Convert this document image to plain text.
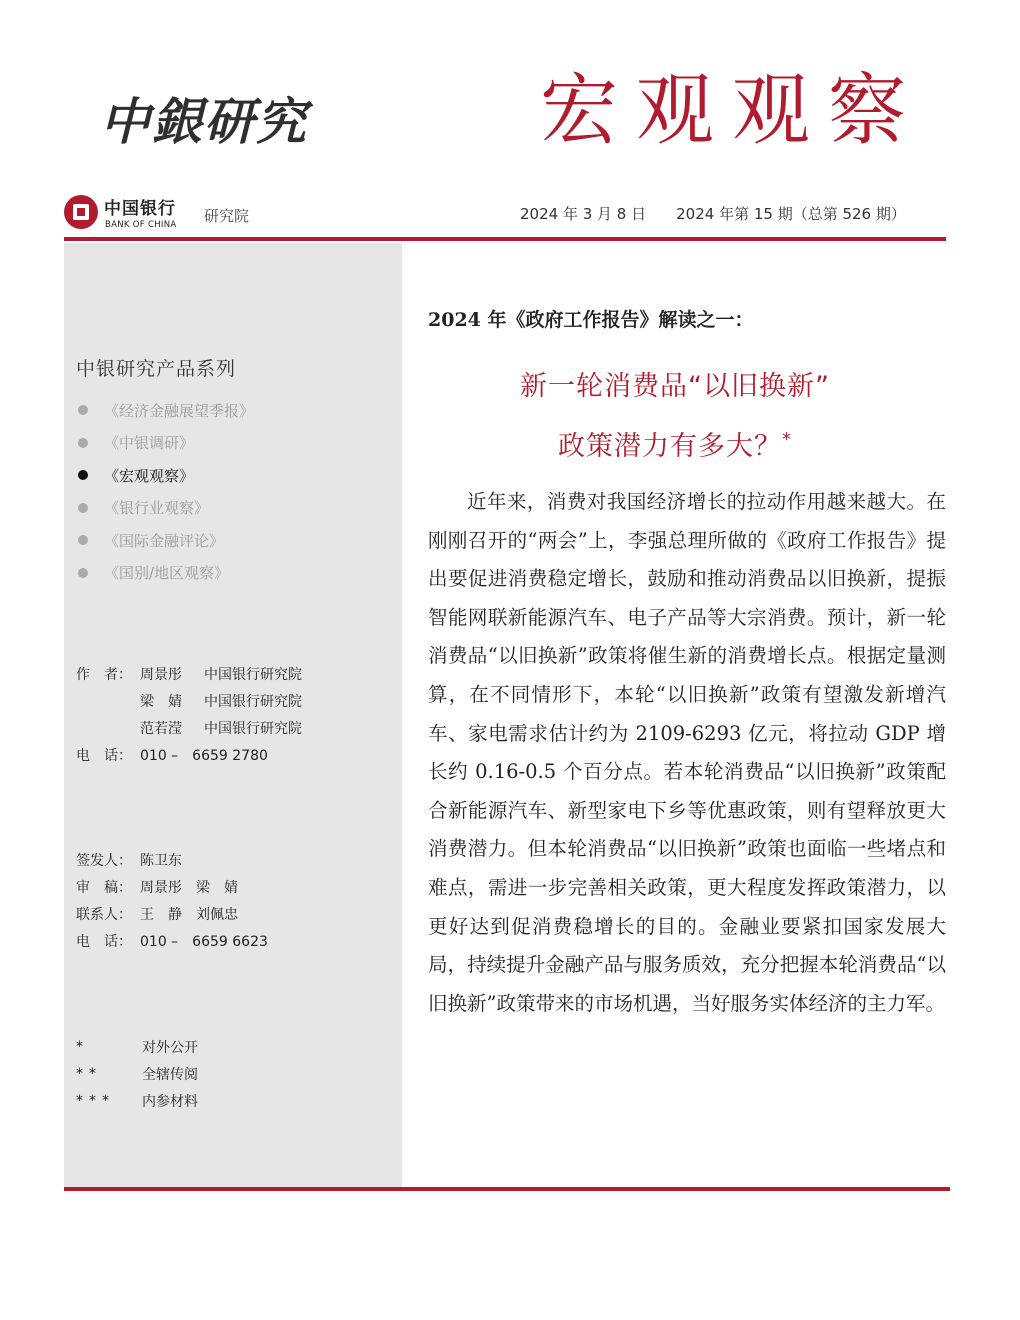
中銀研究	宏观观察
中国银行
BANK OF CHINA 研究院	2024 年 3 月 8 日　　 2024 年第 15 期（总第 526 期）
中银研究产品系列
《经济金融展望季报》
《中银调研》
《宏观观察》
《银行业观察》
《国际金融评论》
《国别/地区观察》
作　者： 周景彤	中国银行研究院
梁　婧	中国银行研究院
范若滢	中国银行研究院
电　话： 010 –　6659 2780
签发人： 陈卫东
审　稿： 周景彤　梁　婧
联系人： 王　静　刘佩忠
电　话： 010 –　6659 6623
*	对外公开
**	全辖传阅
***	内参材料
2024 年《政府工作报告》解读之一：
新一轮消费品“以旧换新”
政策潜力有多大？*

近年来，消费对我国经济增长的拉动作用越来越大。在刚刚召开的“两会”上，李强总理所做的《政府工作报告》提出要促进消费稳定增长，鼓励和推动消费品以旧换新，提振智能网联新能源汽车、电子产品等大宗消费。预计，新一轮消费品“以旧换新”政策将催生新的消费增长点。根据定量测算，在不同情形下，本轮“以旧换新”政策有望激发新增汽车、家电需求估计约为 2109-6293 亿元，将拉动 GDP 增长约 0.16-0.5 个百分点。若本轮消费品“以旧换新”政策配合新能源汽车、新型家电下乡等优惠政策，则有望释放更大消费潜力。但本轮消费品“以旧换新”政策也面临一些堵点和难点，需进一步完善相关政策，更大程度发挥政策潜力，以更好达到促消费稳增长的目的。金融业要紧扣国家发展大局，持续提升金融产品与服务质效，充分把握本轮消费品“以旧换新”政策带来的市场机遇，当好服务实体经济的主力军。
